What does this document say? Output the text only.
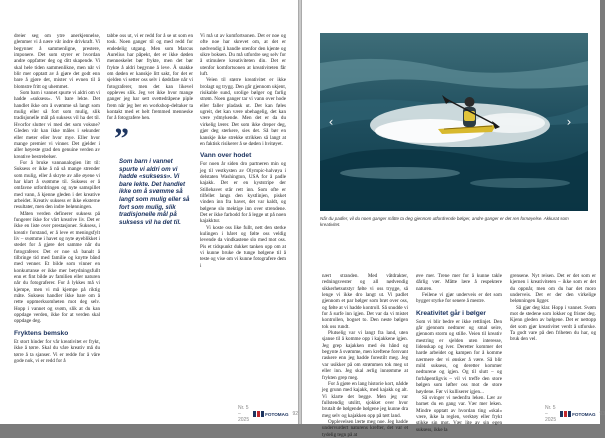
dreier seg om ytre anerkjennelse, glemmer vi å nære vår indre drivkraft. Vi begynner å sammenligne, prestere, imponere. Det som styrer er hvordan andre oppfatter deg og ditt skapende. Vi skal hele tiden sammenlikne, men når vi blir mer opptatt av å gjøre det godt enn bare å gjøre det, mister vi evnen til å blomstre fritt og uhemmet.

Som barn i vannet spurte vi aldri om vi hadde «suksess». Vi bare lekte. Det handlet ikke om å svømme så langt som mulig eller så fort som mulig, slik tradisjonelle mål på suksess vil ha det til. Hvorfor slutter vi med det som voksne? Gleden vår kan ikke måles i sekunder eller meter eller hvor mye. Eller hvor mange premier vi vinner. Det gjelder i aller høyeste grad den genuine verden av kreative bestrebelser.

For å bruke vannanalogien litt til: Suksess er ikke å nå så mange strender som mulig, eller å skryte av alle øyene vi har klart å svømme til. Suksess er å omfavne utfordringen og nyte samspillet med vann, å kjenne gleden i det kreative arbeidet. Kreativ suksess er ikke eksterne resultater, men den indre belønningen.

Måten verden definerer suksess på fungerer ikke for vårt kreative liv. Det er ikke en liste over prestasjoner. Suksess, i kreativ forstand, er å leve et meningsfylt liv – svømme i havet og nyte øyeblikket i stedet for å gjøre det samme når du fotograferer. Det er noe så banalt å tilbringe tid med familie og knytte bånd med venner. Et bilde som vinner en konkurranse er ikke mer betydningsfullt enn et fint bilde av familien eller naturen når du fotograferer. For å lykkes må vi kjempe, men vi må kjempe på riktig måte. Suksess handler ikke bare om å rette oppmerksomheten mot deg selv. Hopp i vannet og svøm, slik at du kan oppdage verden, ikke for at verden skal oppdage deg.

Fryktens bemsko

Et stort hinder for vår kreativitet er frykt, ikke å tørre. Skal du våre kreativ må du tørre å ta sjanser. Vi er redde for å våre gode nok, vi er redd for å

tabbe oss ut, vi er redd for å se ut som en tosk. Noen ganger til og med redd for endedelig utgang. Men som Marcus Aurelius har påpekt, det er ikke døden menneskelet bør frykte, men det bør frykte å aldri begynne å leve. Å snakke om døden er kanskje litt sakt, for det er sjelden vi setter oss selv i dødsfare når vi fotograferer, men det kan likevel oppleves slik. Jeg vet ikke hvor mange ganger jeg har sett svettedråpene piple frem når jeg ber en workshop-deltaker ta kontakt med et helt fremmed menneske for å fotografere hen.

”
Som barn i vannet spurte vi aldri om vi hadde «suksess». Vi bare lekte. Det handlet ikke om å svømme så langt som mulig eller så fort som mulig, slik tradisjonelle mål på suksess vil ha det til.

Vi må ut av komfortsonen. Det er noe og ofte noe har skrevet om, at det er nødvendig å handle utenfor den kjente og sikre boksen. Du må utfordre seg selv for å stimulere kreativiteten din. Det er utenfor komfortsonen at kreativiteten får luft.

Veien til større kreativitet er ikke brolagt og trygg. Den går gjennom ukjent, risikable sund, urolige bølger og farlig strøm. Noen ganger tar vi vann over hode eller faller pladask ut. Det kan føles ugreit, det kan være ubehagelig, det kan være ydmykende. Men det er da du virkelig lærer. Det som ikke dreper deg, gjør deg sterkere, sies det. Så bør en kanskje ikke strekke strikken så langt at en faktisk risikerer å se døden i hvitøyet.

Vann over hodet

For noen år siden dro partneren min og jeg til vestkysten av Olympic-halvøya i delstaten Washington, USA for å padle kajakk. Det er en kyststripe der Stillehavet står rett inn. Som ofte er tilfellet langs den kystlinjen, pisket vinden inn fra havet, det var kaldt, og bølgene slo mektige inn over strendene. Det er ikke farbodd for å legge ut på noen kajakktur.

Vi koste oss like fullt, nett den sterke kulingen i håret og følte oss veldig levende da vindkastene slo med mot oss. Pis et tidspunkt dukket tanken opp om at vi kunne bruke de tunge bølgene til å teste og vise om vi kunne fotografere dem i

Nr. 5 – 2025
FOTOMAG 92
‹	›
Når du padler, vil du noen ganger måtte ta deg gjennom utfordrende bølger, andre ganger er det ren fornøyelse. Akkurat som kreativitet.

nært stranden. Med våtdrakter, redningsvester og all nødvendig sikkerhetsutstyr følte vi oss trygge, så lenge vi ikke dro langt ut. Vi padlet gjennom et par bølger som brøt over oss, og følte at vi hadde kontroll. Så snudde vi for å surfe inn igjen. Det var da vi mistet kontrollen, bogset to. Den neste bølgen tok oss rundt.

Plutselig var vi langt fra land, uten sjanse til å komme opp i kajakkene igjen. Jeg grep kajakken med én hånd og begynte å svømme, men kreftene forsvant raskere enn jeg hadde forestilt meg. Jeg var usikker på om strømmen tok meg ut eller inn. Jeg skal ærlig innrømme at frykten grep meg.

For å gjøre en lang historie kort, nådde jeg grunn med kajakk, med kajakk og alt. Vi klarte det begge. Men jeg var fullstendig utslitt, sjokket over hvor brutalt de bølgende bølgene jeg kunne dra meg selv og kajakken opp på tørt land.

Opplevelsen lærte meg noe. Jeg hadde undervurdert naturens krefter, det var et tydelig tegn på at

øve mer. Trene mer for å kunne takle dårlig vær. Måtte lære å respektere naturen.

Feilene vi gjør underveis er det som bygger styrke for senere å mestre.

Kreativitet går i bølger

Som vi blir bedre er ikke rettlinjet. Den går gjennom nedturer og smal seire, gjennom storm og stille. Veien til kreativ mestring er sjelden uten interesse, lidenskap og iver. Deretter kommer det harde arbeidet og kampen for å komme nærmere der vi ønsker å være. Så blir mild suksess, og deretter kommer nedturene og igjen. Og til slutt – og forhåpentligvis – vil vi treffe den store bølgen som løfter oss mot de store høydene. Før vi kulliserer igjen...

Så svinger vi nedenfra leken. Lær av barnet du en gang var. Vær mer leken. Mindre opptatt av hvordan ting «skal» være, ikke la reglen, verktøy eller frykt stikke sin mot. Vær lite av sin egen suksess, ikke la

grensene. Nyt reisen. Det er det som er kjernen i kreativiteten – ikke som er det du oppnår, men om du har det moro underveis. Det er der den virkelige belønningen ligger.

Så gjør deg klar. Hopp i vannet. Svøm mot de stedene som lokker og frister deg. Kjenn gleden av bølgene. Det er nettopp det som gjør kreativitet verdt å utforske. Ta godt vare på den friheten du har, og bruk den vel.

Nr. 5 – 2025
FOTOMAG 93
